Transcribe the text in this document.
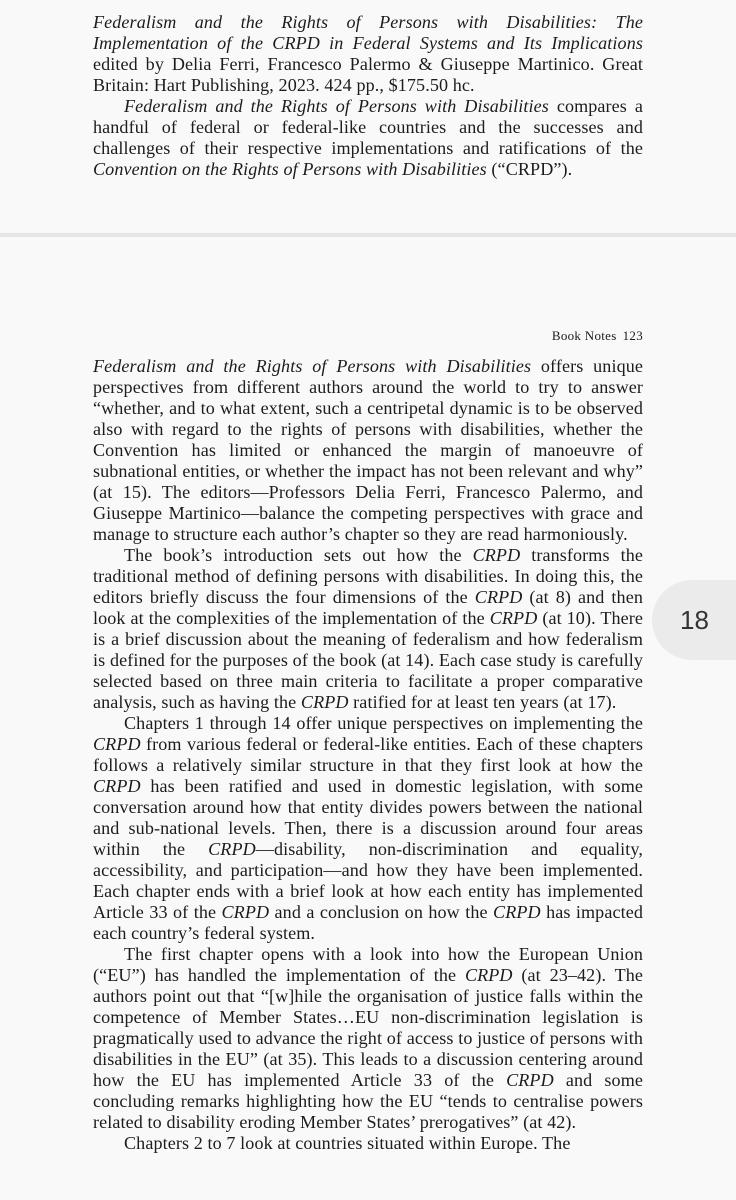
Federalism and the Rights of Persons with Disabilities: The Implementation of the CRPD in Federal Systems and Its Implications edited by Delia Ferri, Francesco Palermo & Giuseppe Martinico. Great Britain: Hart Publishing, 2023. 424 pp., $175.50 hc.

Federalism and the Rights of Persons with Disabilities compares a handful of federal or federal-like countries and the successes and challenges of their respective implementations and ratifications of the Convention on the Rights of Persons with Disabilities (“CRPD”).

Book Notes 123

Federalism and the Rights of Persons with Disabilities offers unique perspectives from different authors around the world to try to answer “whether, and to what extent, such a centripetal dynamic is to be observed also with regard to the rights of persons with disabilities, whether the Convention has limited or enhanced the margin of manoeuvre of subnational entities, or whether the impact has not been relevant and why” (at 15). The editors—Professors Delia Ferri, Francesco Palermo, and Giuseppe Martinico—balance the competing perspectives with grace and manage to structure each author’s chapter so they are read harmoniously.

The book’s introduction sets out how the CRPD transforms the traditional method of defining persons with disabilities. In doing this, the editors briefly discuss the four dimensions of the CRPD (at 8) and then look at the complexities of the implementation of the CRPD (at 10). There is a brief discussion about the meaning of federalism and how federalism is defined for the purposes of the book (at 14). Each case study is carefully selected based on three main criteria to facilitate a proper comparative analysis, such as having the CRPD ratified for at least ten years (at 17).

Chapters 1 through 14 offer unique perspectives on implementing the CRPD from various federal or federal-like entities. Each of these chapters follows a relatively similar structure in that they first look at how the CRPD has been ratified and used in domestic legislation, with some conversation around how that entity divides powers between the national and sub-national levels. Then, there is a discussion around four areas within the CRPD—disability, non-discrimination and equality, accessibility, and participation—and how they have been implemented. Each chapter ends with a brief look at how each entity has implemented Article 33 of the CRPD and a conclusion on how the CRPD has impacted each country’s federal system.

The first chapter opens with a look into how the European Union (“EU”) has handled the implementation of the CRPD (at 23–42). The authors point out that “[w]hile the organisation of justice falls within the competence of Member States…EU non-discrimination legislation is pragmatically used to advance the right of access to justice of persons with disabilities in the EU” (at 35). This leads to a discussion centering around how the EU has implemented Article 33 of the CRPD and some concluding remarks highlighting how the EU “tends to centralise powers related to disability eroding Member States’ prerogatives” (at 42).

Chapters 2 to 7 look at countries situated within Europe. The

18
